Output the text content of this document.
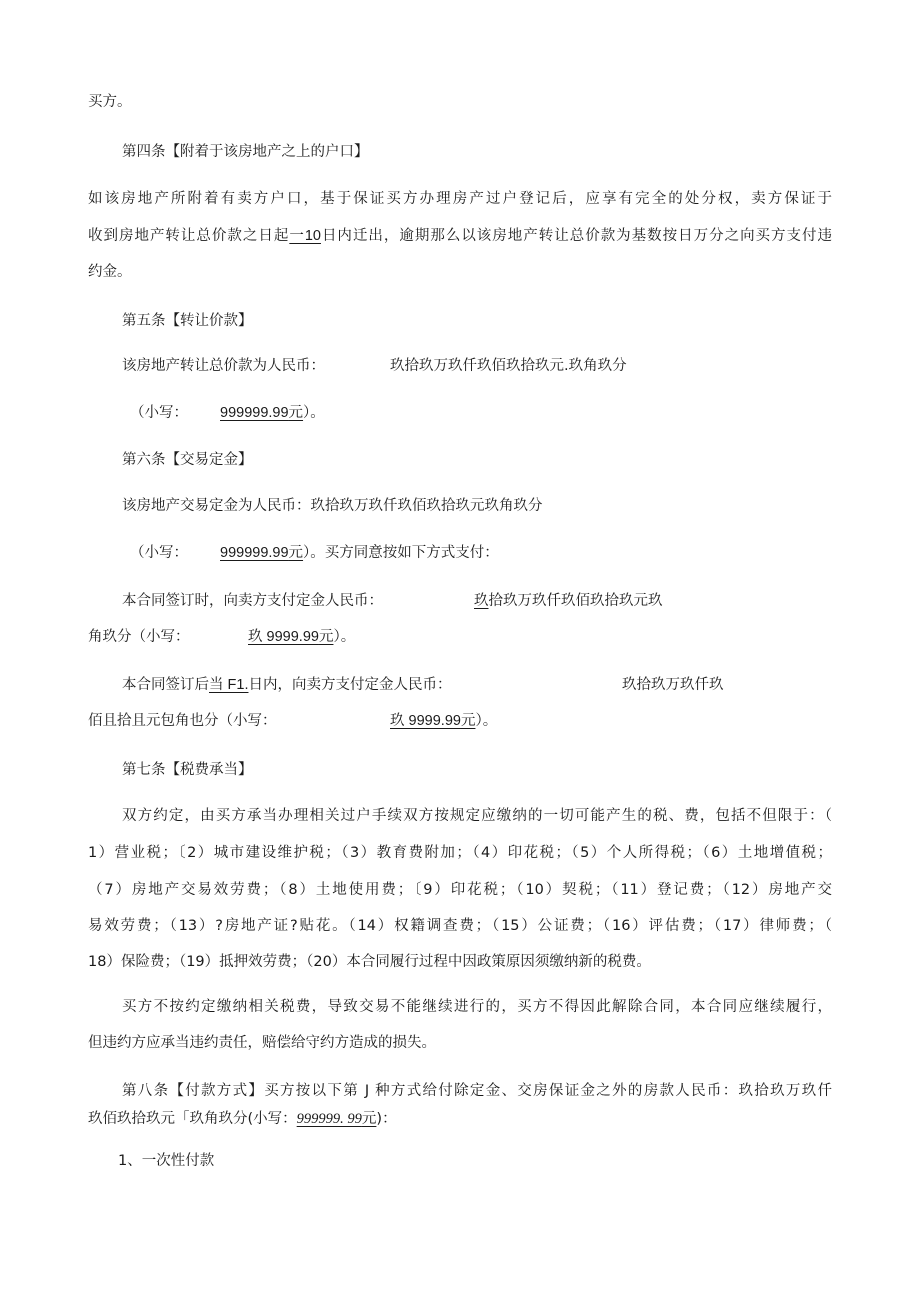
买方。
第四条【附着于该房地产之上的户口】
如该房地产所附着有卖方户口，基于保证买方办理房产过户登记后，应享有完全的处分权，卖方保证于
收到房地产转让总价款之日起一10日内迁出，逾期那么以该房地产转让总价款为基数按日万分之向买方支付违
约金。
第五条【转让价款】
该房地产转让总价款为人民币：	玖拾玖万玖仟玖佰玖拾玖元.玖角玖分
（小写： 999999.99元）。
第六条【交易定金】
该房地产交易定金为人民币：玖拾玖万玖仟玖佰玖拾玖元玖角玖分
（小写： 999999.99元）。买方同意按如下方式支付：
本合同签订时，向卖方支付定金人民币：	玖拾玖万玖仟玖佰玖拾玖元玖
角玖分（小写：	玖 9999.99元）。
本合同签订后当 F1.日内，向卖方支付定金人民币：	玖拾玖万玖仟玖
佰且拾且元包角也分（小写：	玖 9999.99元）。
第七条【税费承当】
双方约定，由买方承当办理相关过户手续双方按规定应缴纳的一切可能产生的税、费，包括不但限于：（
1）营业税；〔2）城市建设维护税；（3）教育费附加；（4）印花税；（5）个人所得税；（6）土地增值税；
（7）房地产交易效劳费；（8）土地使用费；〔9）印花税；（10）契税；（11）登记费；（12）房地产交
易效劳费；（13）?房地产证?贴花。（14）权籍调查费；（15）公证费；（16）评估费；（17）律师费；（
18）保险费；（19）抵押效劳费；（20）本合同履行过程中因政策原因须缴纳新的税费。
买方不按约定缴纳相关税费，导致交易不能继续进行的，买方不得因此解除合同，本合同应继续履行，
但违约方应承当违约责任，赔偿给守约方造成的损失。
第八条【付款方式】买方按以下第 J 种方式给付除定金、交房保证金之外的房款人民币：玖拾玖万玖仟
玖佰玖拾玖元「玖角玖分(小写：999999. 99元)：
1、一次性付款
